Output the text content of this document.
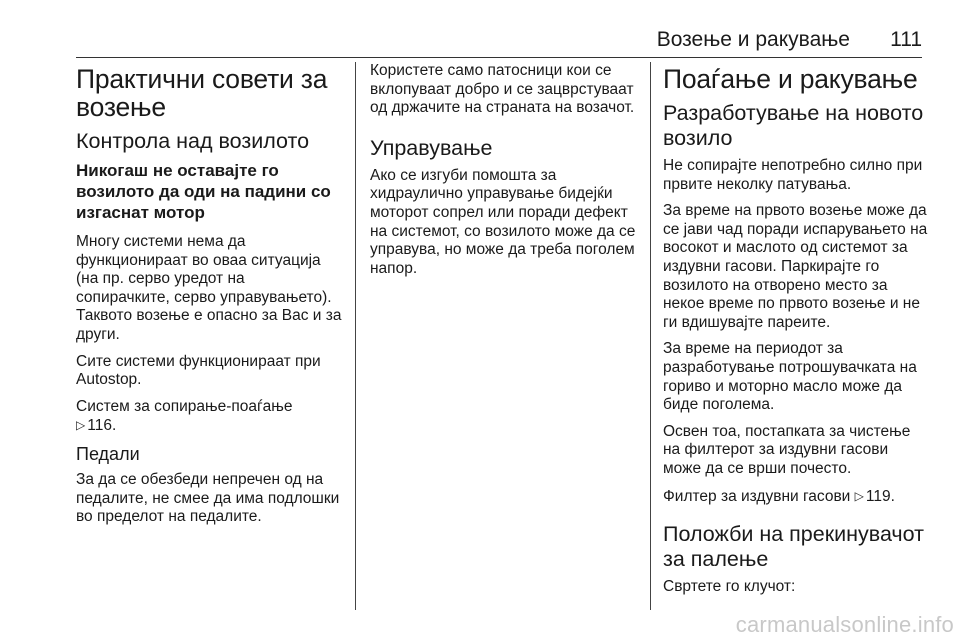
Возење и ракување 111
Практични совети за возење
Контрола над возилото
Никогаш не оставајте го возилото да оди на падини со изгаснат мотор

Многу системи нема да функционираат во оваа ситуација (на пр. серво уредот на сопирачките, серво управувањето). Таквото возење е опасно за Вас и за други.

Сите системи функционираат при Autostop.

Систем за сопирање-поаѓање
▷ 116.

Педали

За да се обезбеди непречен од на педалите, не смее да има подлошки во пределот на педалите.

Користете само патосници кои се вклопуваат добро и се зацврстуваат од држачите на страната на возачот.

Управување

Ако се изгуби помошта за хидраулично управување бидејќи моторот сопрел или поради дефект на системот, со возилото може да се управува, но може да треба поголем напор.

Поаѓање и ракување
Разработување на новото возило

Не сопирајте непотребно силно при првите неколку патувања.

За време на првото возење може да се јави чад поради испарувањето на восокот и маслото од системот за издувни гасови. Паркирајте го возилото на отворено место за некое време по првото возење и не ги вдишувајте пареите.

За време на периодот за разработување потрошувачката на гориво и моторно масло може да биде поголема.

Освен тоа, постапката за чистење на филтерот за издувни гасови може да се врши почесто.

Филтер за издувни гасови ▷ 119.

Положби на прекинувачот за палење

Свртете го клучот:

carmanualsonline.info
